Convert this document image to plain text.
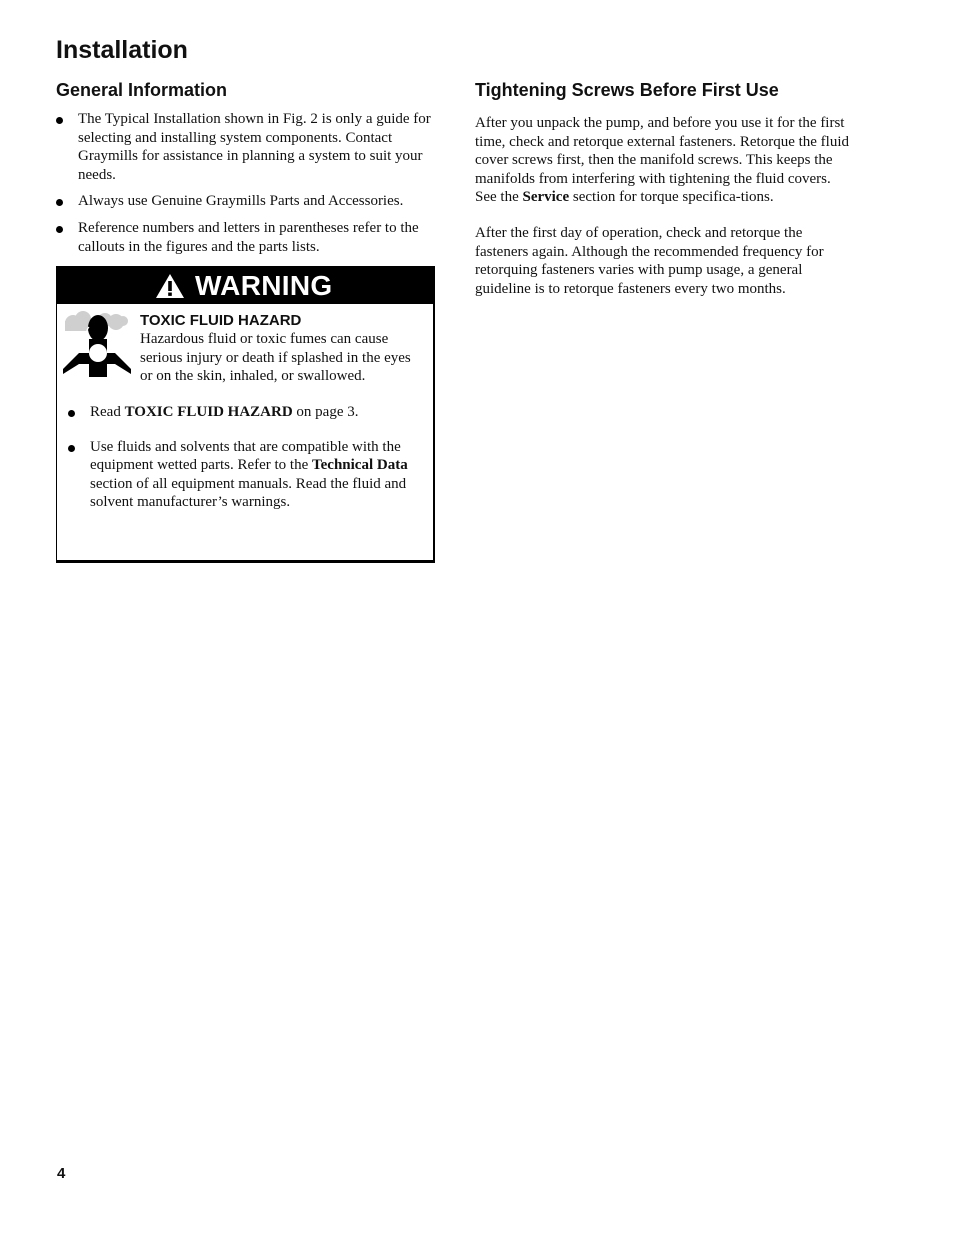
Installation
General Information
The Typical Installation shown in Fig. 2 is only a guide for selecting and installing system components. Contact Graymills for assistance in planning a system to suit your needs.
Always use Genuine Graymills Parts and Accessories.
Reference numbers and letters in parentheses refer to the callouts in the figures and the parts lists.
WARNING
TOXIC FLUID HAZARD
Hazardous fluid or toxic fumes can cause serious injury or death if splashed in the eyes or on the skin, inhaled, or swallowed.
Read TOXIC FLUID HAZARD on page 3.
Use fluids and solvents that are compatible with the equipment wetted parts. Refer to the Technical Data section of all equipment manuals. Read the fluid and solvent manufacturer’s warnings.
Tightening Screws Before First Use

After you unpack the pump, and before you use it for the first time, check and retorque external fasteners. Retorque the fluid cover screws first, then the manifold screws. This keeps the manifolds from interfering with tightening the fluid covers. See the Service section for torque specifica-tions.

After the first day of operation, check and retorque the fasteners again. Although the recommended frequency for retorquing fasteners varies with pump usage, a general guideline is to retorque fasteners every two months.

4
